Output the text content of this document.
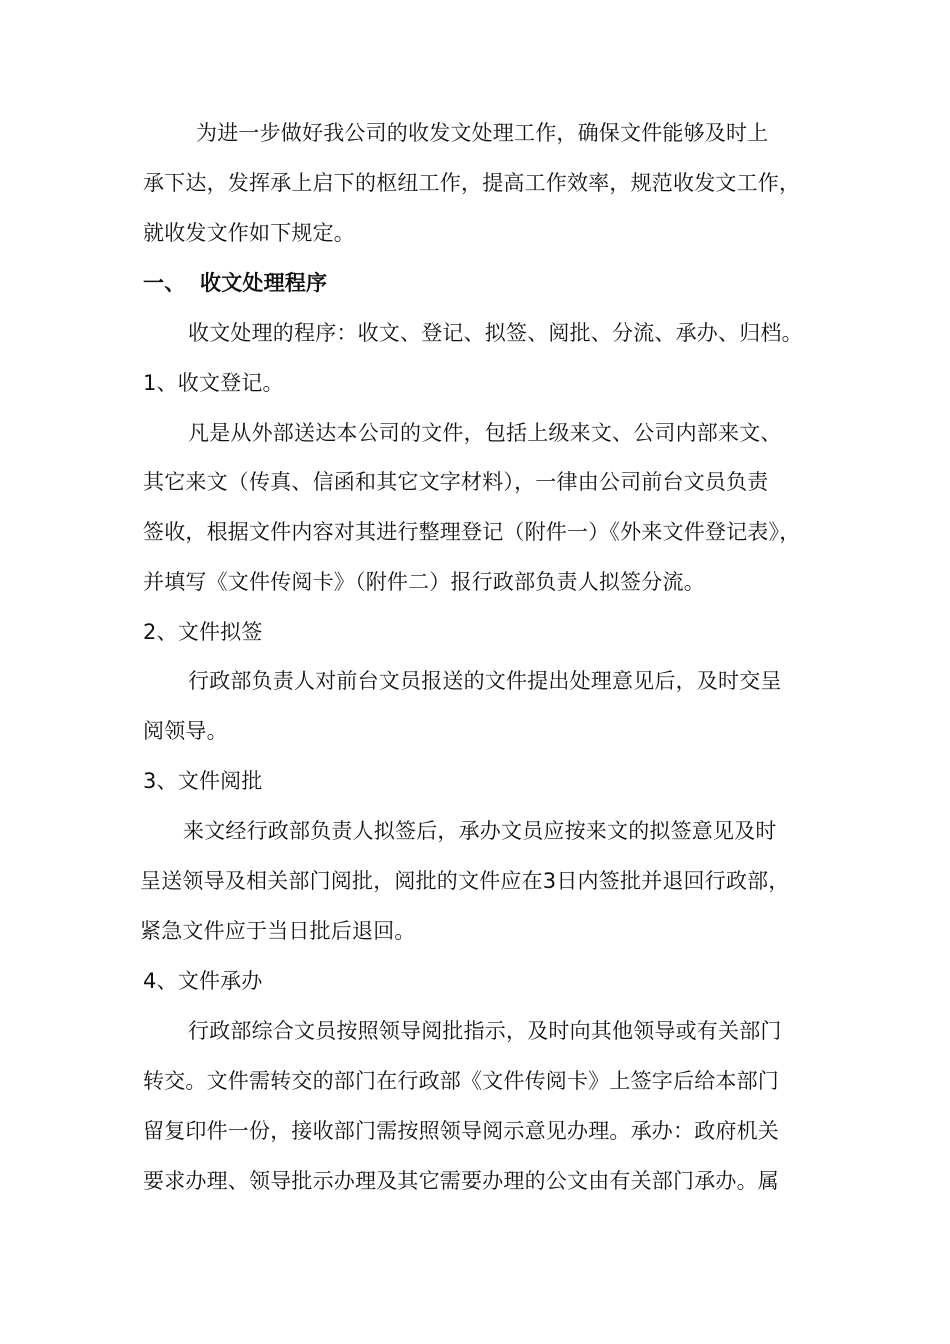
为进一步做好我公司的收发文处理工作，确保文件能够及时上

承下达，发挥承上启下的枢纽工作，提高工作效率，规范收发文工作，

就收发文作如下规定。

一、 收文处理程序

收文处理的程序：收文、登记、拟签、阅批、分流、承办、归档。

1、收文登记。

凡是从外部送达本公司的文件，包括上级来文、公司内部来文、

其它来文（传真、信函和其它文字材料），一律由公司前台文员负责

签收，根据文件内容对其进行整理登记（附件一）《外来文件登记表》，

并填写《文件传阅卡》（附件二）报行政部负责人拟签分流。

2、文件拟签

行政部负责人对前台文员报送的文件提出处理意见后，及时交呈

阅领导。

3、文件阅批

来文经行政部负责人拟签后，承办文员应按来文的拟签意见及时

呈送领导及相关部门阅批，阅批的文件应在3日内签批并退回行政部，

紧急文件应于当日批后退回。

4、文件承办

行政部综合文员按照领导阅批指示，及时向其他领导或有关部门

转交。文件需转交的部门在行政部《文件传阅卡》上签字后给本部门

留复印件一份，接收部门需按照领导阅示意见办理。承办：政府机关

要求办理、领导批示办理及其它需要办理的公文由有关部门承办。属
